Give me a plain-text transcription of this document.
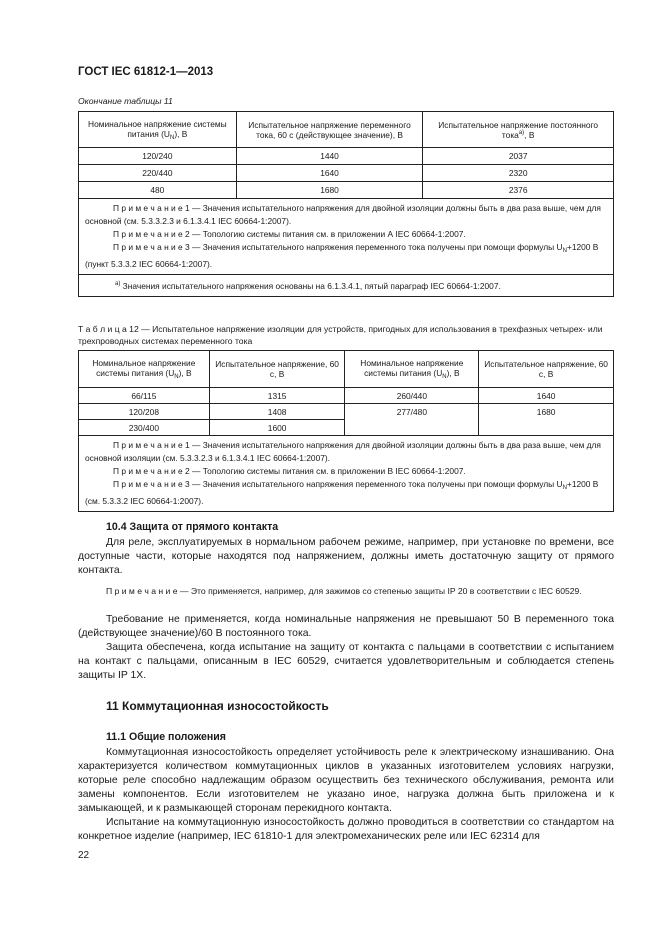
ГОСТ IEC 61812-1—2013
Окончание таблицы 11
Номинальное напряжение системы питания $(U_N)$, В	Испытательное напряжение переменного тока, 60 с (действующее значение), В	Испытательное напряжение постоянного тока$^{a)}$, В
120/240	1440	2037
220/440	1640	2320
480	1680	2376

П р и м е ч а н и е 1 — Значения испытательного напряжения для двойной изоляции должны быть в два раза выше, чем для основной (см. 5.3.3.2.3 и 6.1.3.4.1 IEC 60664-1:2007).
П р и м е ч а н и е 2 — Топологию системы питания см. в приложении А IEC 60664-1:2007.
П р и м е ч а н и е 3 — Значения испытательного напряжения переменного тока получены при помощи формулы $U_N+1200$ В (пункт 5.3.3.2 IEC 60664-1:2007).		

$^{а)}$ Значения испытательного напряжения основаны на 6.1.3.4.1, пятый параграф IEC 60664-1:2007.		
Т а б л и ц а 12 — Испытательное напряжение изоляции для устройств, пригодных для использования в трехфазных четырех- или трехпроводных системах переменного тока
Номинальное напряжение системы питания $(U_N)$, В	Испытательное напряжение, 60 с, В	Номинальное напряжение системы питания $(U_N)$, В	Испытательное напряжение, 60 с, В
66/115	1315	260/440	1640
120/208	1408	277/480	1680
230/400	1600		

П р и м е ч а н и е 1 — Значения испытательного напряжения для двойной изоляции должны быть в два раза выше, чем для основной изоляции (см. 5.3.3.2.3 и 6.1.3.4.1 IEC 60664-1:2007).
П р и м е ч а н и е 2 — Топологию системы питания см. в приложении В IEC 60664-1:2007.
П р и м е ч а н и е 3 — Значения испытательного напряжения переменного тока получены при помощи формулы $U_N+1200$ В (см. 5.3.3.2 IEC 60664-1:2007).			
10.4 Защита от прямого контакта
Для реле, эксплуатируемых в нормальном рабочем режиме, например, при установке по времени, все доступные части, которые находятся под напряжением, должны иметь достаточную защиту от прямого контакта.
П р и м е ч а н и е — Это применяется, например, для зажимов со степенью защиты IP 20 в соответствии с IEC 60529.
Требование не применяется, когда номинальные напряжения не превышают 50 В переменного тока (действующее значение)/60 В постоянного тока.
Защита обеспечена, когда испытание на защиту от контакта с пальцами в соответствии с испытанием на контакт с пальцами, описанным в IEC 60529, считается удовлетворительным и соблюдается степень защиты IP 1X.
11 Коммутационная износостойкость
11.1 Общие положения
Коммутационная износостойкость определяет устойчивость реле к электрическому изнашиванию. Она характеризуется количеством коммутационных циклов в указанных изготовителем условиях нагрузки, которые реле способно надлежащим образом осуществить без технического обслуживания, ремонта или замены компонентов. Если изготовителем не указано иное, нагрузка должна быть приложена и к замыкающей, и к размыкающей сторонам перекидного контакта.
Испытание на коммутационную износостойкость должно проводиться в соответствии со стандартом на конкретное изделие (например, IEC 61810-1 для электромеханических реле или IEC 62314 для
22
